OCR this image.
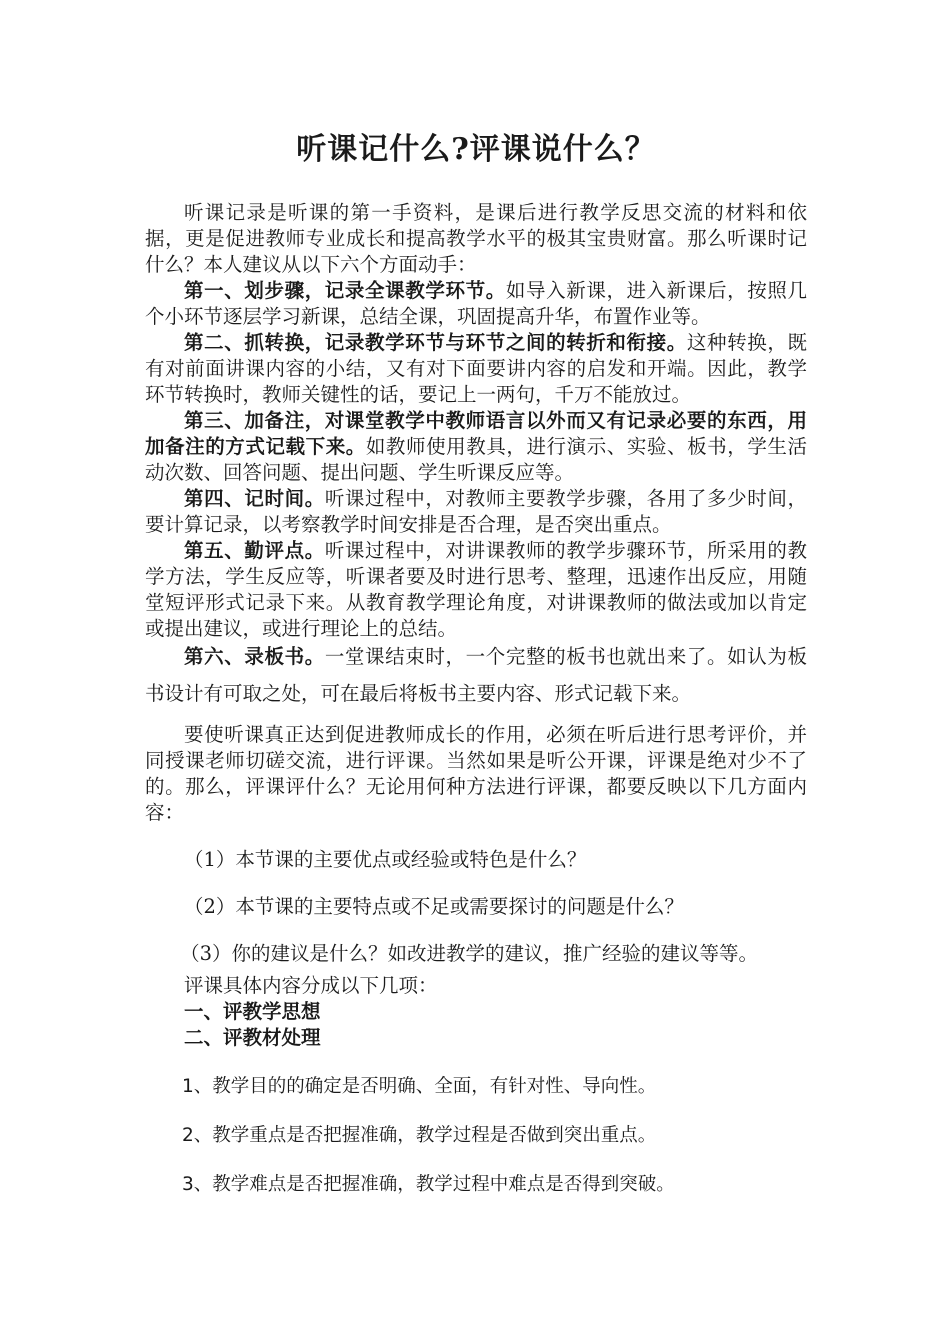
听课记什么?评课说什么？

听课记录是听课的第一手资料，是课后进行教学反思交流的材料和依据，更是促进教师专业成长和提高教学水平的极其宝贵财富。那么听课时记什么？本人建议从以下六个方面动手：

第一、划步骤，记录全课教学环节。如导入新课，进入新课后，按照几个小环节逐层学习新课，总结全课，巩固提高升华，布置作业等。

第二、抓转换，记录教学环节与环节之间的转折和衔接。这种转换，既有对前面讲课内容的小结，又有对下面要讲内容的启发和开端。因此，教学环节转换时，教师关键性的话，要记上一两句，千万不能放过。

第三、加备注，对课堂教学中教师语言以外而又有记录必要的东西，用加备注的方式记载下来。如教师使用教具，进行演示、实验、板书，学生活动次数、回答问题、提出问题、学生听课反应等。

第四、记时间。听课过程中，对教师主要教学步骤，各用了多少时间，要计算记录，以考察教学时间安排是否合理，是否突出重点。

第五、勤评点。听课过程中，对讲课教师的教学步骤环节，所采用的教学方法，学生反应等，听课者要及时进行思考、整理，迅速作出反应，用随堂短评形式记录下来。从教育教学理论角度，对讲课教师的做法或加以肯定或提出建议，或进行理论上的总结。

第六、录板书。一堂课结束时，一个完整的板书也就出来了。如认为板书设计有可取之处，可在最后将板书主要内容、形式记载下来。

要使听课真正达到促进教师成长的作用，必须在听后进行思考评价，并同授课老师切磋交流，进行评课。当然如果是听公开课，评课是绝对少不了的。那么，评课评什么？无论用何种方法进行评课，都要反映以下几方面内容：

（1）本节课的主要优点或经验或特色是什么？

（2）本节课的主要特点或不足或需要探讨的问题是什么？

（3）你的建议是什么？如改进教学的建议，推广经验的建议等等。

评课具体内容分成以下几项：

一、评教学思想

二、评教材处理

1、教学目的的确定是否明确、全面，有针对性、导向性。

2、教学重点是否把握准确，教学过程是否做到突出重点。

3、教学难点是否把握准确，教学过程中难点是否得到突破。
